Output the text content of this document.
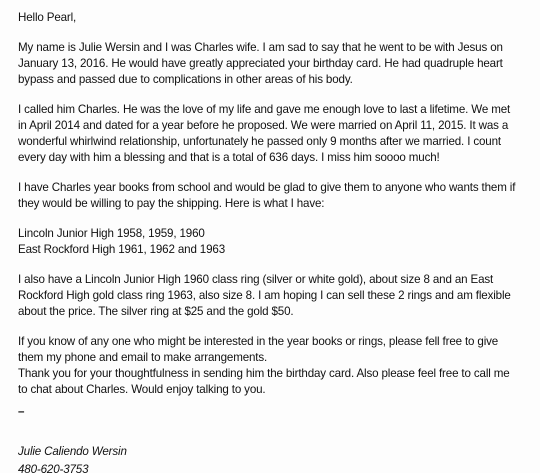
Hello Pearl,
My name is Julie Wersin and I was Charles wife. I am sad to say that he went to be with Jesus on
January 13, 2016. He would have greatly appreciated your birthday card. He had quadruple heart
bypass and passed due to complications in other areas of his body.
I called him Charles. He was the love of my life and gave me enough love to last a lifetime. We met
in April 2014 and dated for a year before he proposed. We were married on April 11, 2015. It was a
wonderful whirlwind relationship, unfortunately he passed only 9 months after we married. I count
every day with him a blessing and that is a total of 636 days. I miss him soooo much!
I have Charles year books from school and would be glad to give them to anyone who wants them if
they would be willing to pay the shipping. Here is what I have:
Lincoln Junior High 1958, 1959, 1960
East Rockford High 1961, 1962 and 1963
I also have a Lincoln Junior High 1960 class ring (silver or white gold), about size 8 and an East
Rockford High gold class ring 1963, also size 8. I am hoping I can sell these 2 rings and am flexible
about the price. The silver ring at $25 and the gold $50.
If you know of any one who might be interested in the year books or rings, please fell free to give
them my phone and email to make arrangements.
Thank you for your thoughtfulness in sending him the birthday card. Also please feel free to call me
to chat about Charles. Would enjoy talking to you.
–
Julie Caliendo Wersin
480-620-3753
